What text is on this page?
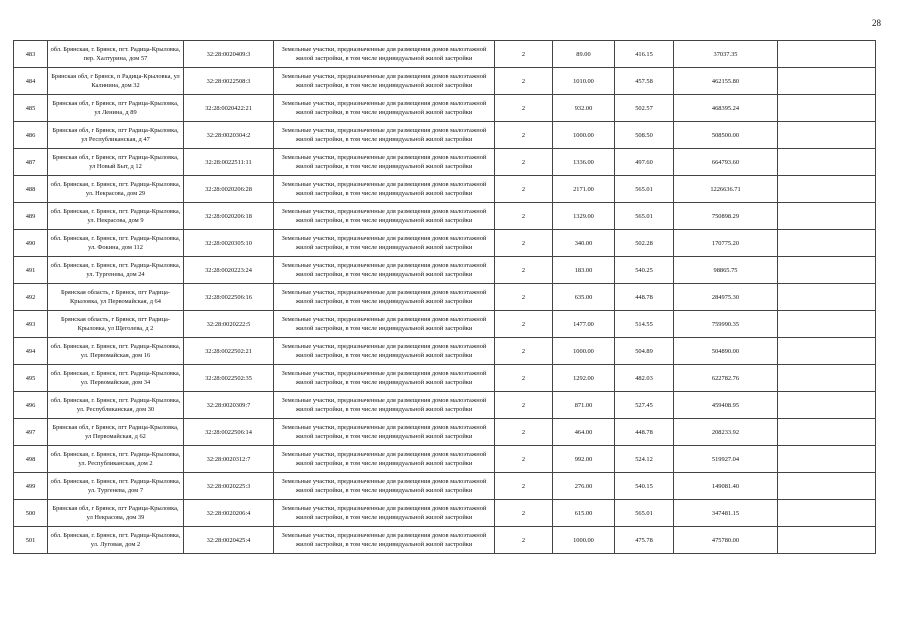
28
483	обл. Брянская, г. Брянск, пгт. Радица-Крыловка, пер. Халтурина, дом 57	32:28:0020409:3	Земельные участки, предназначенные для размещения домов малоэтажной жилой застройки, в том числе индивидуальной жилой застройки	2	89.00	416.15	37037.35	
484	Брянская обл, г Брянск, п Радица-Крыловка, ул Калинина, дом 32	32:28:0022508:3	Земельные участки, предназначенные для размещения домов малоэтажной жилой застройки, в том числе индивидуальной жилой застройки	2	1010.00	457.58	462155.80	
485	Брянская обл, г Брянск, пгт Радица-Крыловка, ул Ленина, д 89	32:28:0020422:21	Земельные участки, предназначенные для размещения домов малоэтажной жилой застройки, в том числе индивидуальной жилой застройки	2	932.00	502.57	468395.24	
486	Брянская обл, г Брянск, пгт Радица-Крыловка, ул Республиканская, д 47	32:28:0020304:2	Земельные участки, предназначенные для размещения домов малоэтажной жилой застройки, в том числе индивидуальной жилой застройки	2	1000.00	508.50	508500.00	
487	Брянская обл, г Брянск, пгт Радица-Крыловка, ул Новый Быт, д 12	32:28:0022511:11	Земельные участки, предназначенные для размещения домов малоэтажной жилой застройки, в том числе индивидуальной жилой застройки	2	1336.00	497.60	664793.60	
488	обл. Брянская, г. Брянск, пгт. Радица-Крыловка, ул. Некрасова, дом 29	32:28:0020206:28	Земельные участки, предназначенные для размещения домов малоэтажной жилой застройки, в том числе индивидуальной жилой застройки	2	2171.00	565.01	1226636.71	
489	обл. Брянская, г. Брянск, пгт. Радица-Крыловка, ул. Некрасова, дом 9	32:28:0020206:18	Земельные участки, предназначенные для размещения домов малоэтажной жилой застройки, в том числе индивидуальной жилой застройки	2	1329.00	565.01	750898.29	
490	обл. Брянская, г. Брянск, пгт. Радица-Крыловка, ул. Фокина, дом 112	32:28:0020305:10	Земельные участки, предназначенные для размещения домов малоэтажной жилой застройки, в том числе индивидуальной жилой застройки	2	340.00	502.28	170775.20	
491	обл. Брянская, г. Брянск, пгт. Радица-Крыловка, ул. Тургенева, дом 24	32:28:0020223:24	Земельные участки, предназначенные для размещения домов малоэтажной жилой застройки, в том числе индивидуальной жилой застройки	2	183.00	540.25	98865.75	
492	Брянская область, г Брянск, пгт Радица-Крыловка, ул Первомайская, д 64	32:28:0022506:16	Земельные участки, предназначенные для размещения домов малоэтажной жилой застройки, в том числе индивидуальной жилой застройки	2	635.00	448.78	284975.30	
493	Брянская область, г Брянск, пгт Радица-Крыловка, ул Щеголева, д 2	32:28:0020222:5	Земельные участки, предназначенные для размещения домов малоэтажной жилой застройки, в том числе индивидуальной жилой застройки	2	1477.00	514.55	759990.35	
494	обл. Брянская, г. Брянск, пгт. Радица-Крыловка, ул. Первомайская, дом 16	32:28:0022502:21	Земельные участки, предназначенные для размещения домов малоэтажной жилой застройки, в том числе индивидуальной жилой застройки	2	1000.00	504.89	504890.00	
495	обл. Брянская, г. Брянск, пгт. Радица-Крыловка, ул. Первомайская, дом 34	32:28:0022502:35	Земельные участки, предназначенные для размещения домов малоэтажной жилой застройки, в том числе индивидуальной жилой застройки	2	1292.00	482.03	622782.76	
496	обл. Брянская, г. Брянск, пгт. Радица-Крыловка, ул. Республиканская, дом 30	32:28:0020309:7	Земельные участки, предназначенные для размещения домов малоэтажной жилой застройки, в том числе индивидуальной жилой застройки	2	871.00	527.45	459408.95	
497	Брянская обл, г Брянск, пгт Радица-Крыловка, ул Первомайская, д 62	32:28:0022506:14	Земельные участки, предназначенные для размещения домов малоэтажной жилой застройки, в том числе индивидуальной жилой застройки	2	464.00	448.78	208233.92	
498	обл. Брянская, г. Брянск, пгт. Радица-Крыловка, ул. Республиканская, дом 2	32:28:0020312:7	Земельные участки, предназначенные для размещения домов малоэтажной жилой застройки, в том числе индивидуальной жилой застройки	2	992.00	524.12	519927.04	
499	обл. Брянская, г. Брянск, пгт. Радица-Крыловка, ул. Тургенева, дом 7	32:28:0020225:3	Земельные участки, предназначенные для размещения домов малоэтажной жилой застройки, в том числе индивидуальной жилой застройки	2	276.00	540.15	149081.40	
500	Брянская обл, г Брянск, пгт Радица-Крыловка, ул Некрасова, дом 39	32:28:0020206:4	Земельные участки, предназначенные для размещения домов малоэтажной жилой застройки, в том числе индивидуальной жилой застройки	2	615.00	565.01	347481.15	
501	обл. Брянская, г. Брянск, пгт. Радица-Крыловка, ул. Луговая, дом 2	32:28:0020425:4	Земельные участки, предназначенные для размещения домов малоэтажной жилой застройки, в том числе индивидуальной жилой застройки	2	1000.00	475.78	475780.00	
